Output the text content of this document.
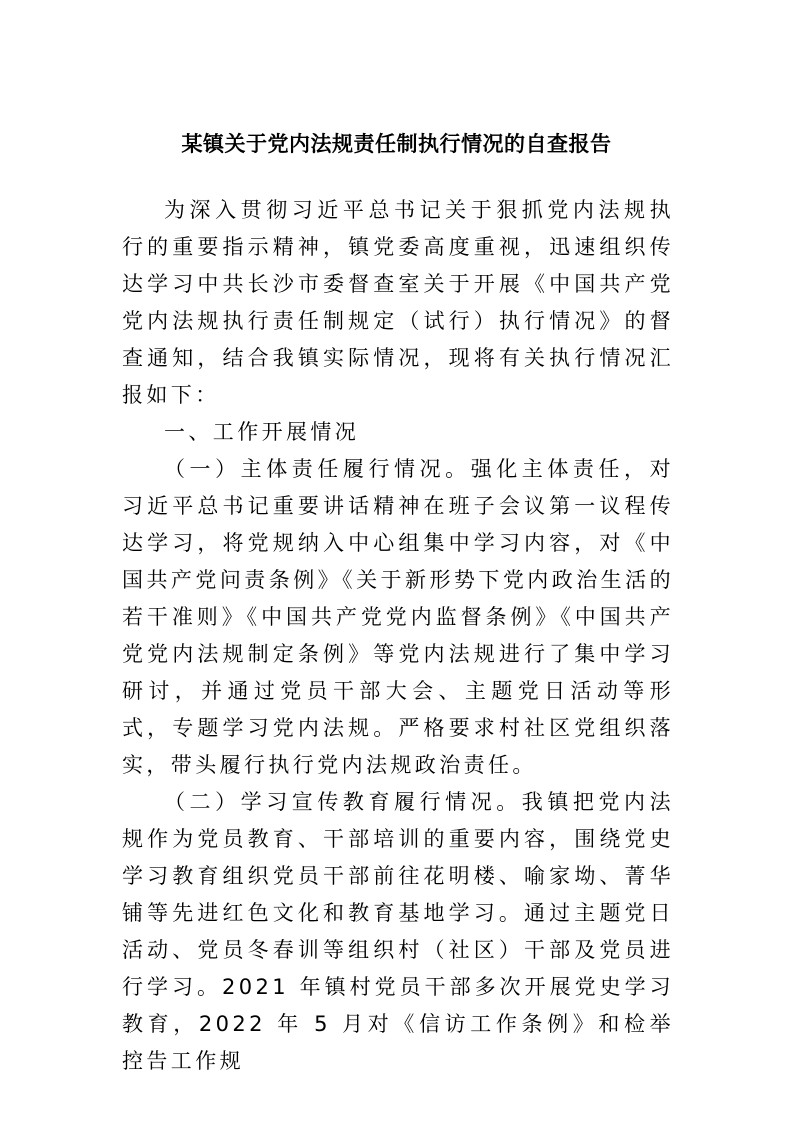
某镇关于党内法规责任制执行情况的自查报告

为深入贯彻习近平总书记关于狠抓党内法规执行的重要指示精神，镇党委高度重视，迅速组织传达学习中共长沙市委督查室关于开展《中国共产党党内法规执行责任制规定（试行）执行情况》的督查通知，结合我镇实际情况，现将有关执行情况汇报如下：

一、工作开展情况

（一）主体责任履行情况。强化主体责任，对习近平总书记重要讲话精神在班子会议第一议程传达学习，将党规纳入中心组集中学习内容，对《中国共产党问责条例》《关于新形势下党内政治生活的若干准则》《中国共产党党内监督条例》《中国共产党党内法规制定条例》等党内法规进行了集中学习研讨，并通过党员干部大会、主题党日活动等形式，专题学习党内法规。严格要求村社区党组织落实，带头履行执行党内法规政治责任。

（二）学习宣传教育履行情况。我镇把党内法规作为党员教育、干部培训的重要内容，围绕党史学习教育组织党员干部前往花明楼、喻家坳、菁华铺等先进红色文化和教育基地学习。通过主题党日活动、党员冬春训等组织村（社区）干部及党员进行学习。2021 年镇村党员干部多次开展党史学习教育，2022 年 5 月对《信访工作条例》和检举控告工作规
